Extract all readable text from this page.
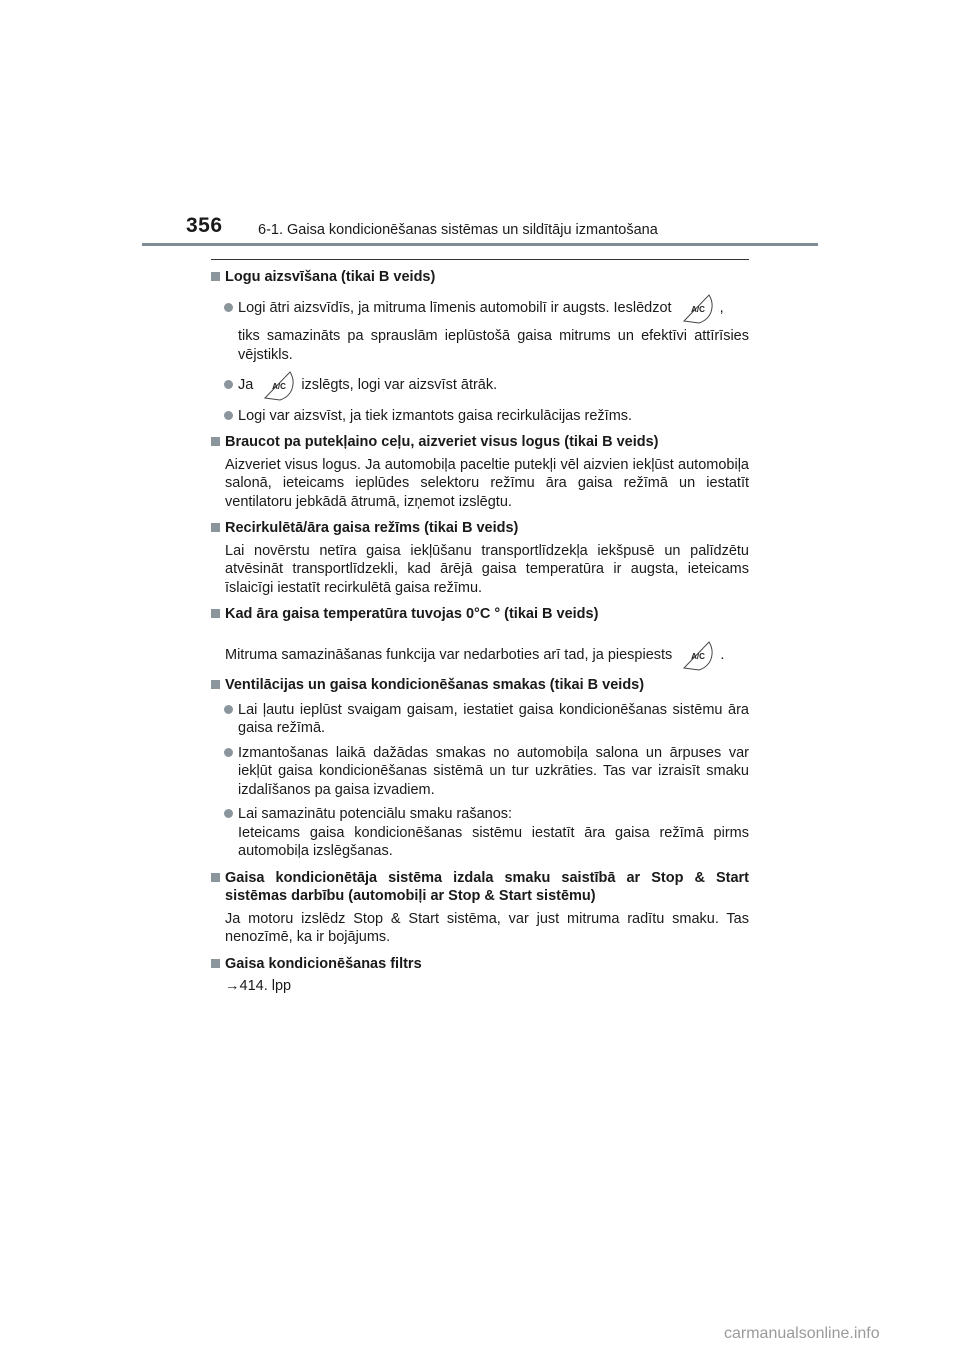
356 6-1. Gaisa kondicionēšanas sistēmas un sildītāju izmantošana
Logu aizsvīšana (tikai B veids)
Logi ātri aizsvīdīs, ja mitruma līmenis automobilī ir augsts. Ieslēdzot A/C ,

tiks samazināts pa sprauslām ieplūstošā gaisa mitrums un efektīvi attīrīsies vējstikls.
Ja A/C izslēgts, logi var aizsvīst ātrāk.
Logi var aizsvīst, ja tiek izmantots gaisa recirkulācijas režīms.
Braucot pa putekļaino ceļu, aizveriet visus logus (tikai B veids)
Aizveriet visus logus. Ja automobiļa paceltie putekļi vēl aizvien iekļūst automobiļa salonā, ieteicams ieplūdes selektoru režīmu āra gaisa režīmā un iestatīt ventilatoru jebkādā ātrumā, izņemot izslēgtu.
Recirkulētā/āra gaisa režīms (tikai B veids)
Lai novērstu netīra gaisa iekļūšanu transportlīdzekļa iekšpusē un palīdzētu atvēsināt transportlīdzekli, kad ārējā gaisa temperatūra ir augsta, ieteicams īslaicīgi iestatīt recirkulētā gaisa režīmu.
Kad āra gaisa temperatūra tuvojas 0°C ° (tikai B veids)
Mitruma samazināšanas funkcija var nedarboties arī tad, ja piespiests A/C .
Ventilācijas un gaisa kondicionēšanas smakas (tikai B veids)
Lai ļautu ieplūst svaigam gaisam, iestatiet gaisa kondicionēšanas sistēmu āra gaisa režīmā.
Izmantošanas laikā dažādas smakas no automobiļa salona un ārpuses var iekļūt gaisa kondicionēšanas sistēmā un tur uzkrāties. Tas var izraisīt smaku izdalīšanos pa gaisa izvadiem.
Lai samazinātu potenciālu smaku rašanos:
Ieteicams gaisa kondicionēšanas sistēmu iestatīt āra gaisa režīmā pirms automobiļa izslēgšanas.
Gaisa kondicionētāja sistēma izdala smaku saistībā ar Stop & Start sistēmas darbību (automobiļi ar Stop & Start sistēmu)
Ja motoru izslēdz Stop & Start sistēma, var just mitruma radītu smaku. Tas nenozīmē, ka ir bojājums.
Gaisa kondicionēšanas filtrs
→414. lpp
carmanualsonline.info
